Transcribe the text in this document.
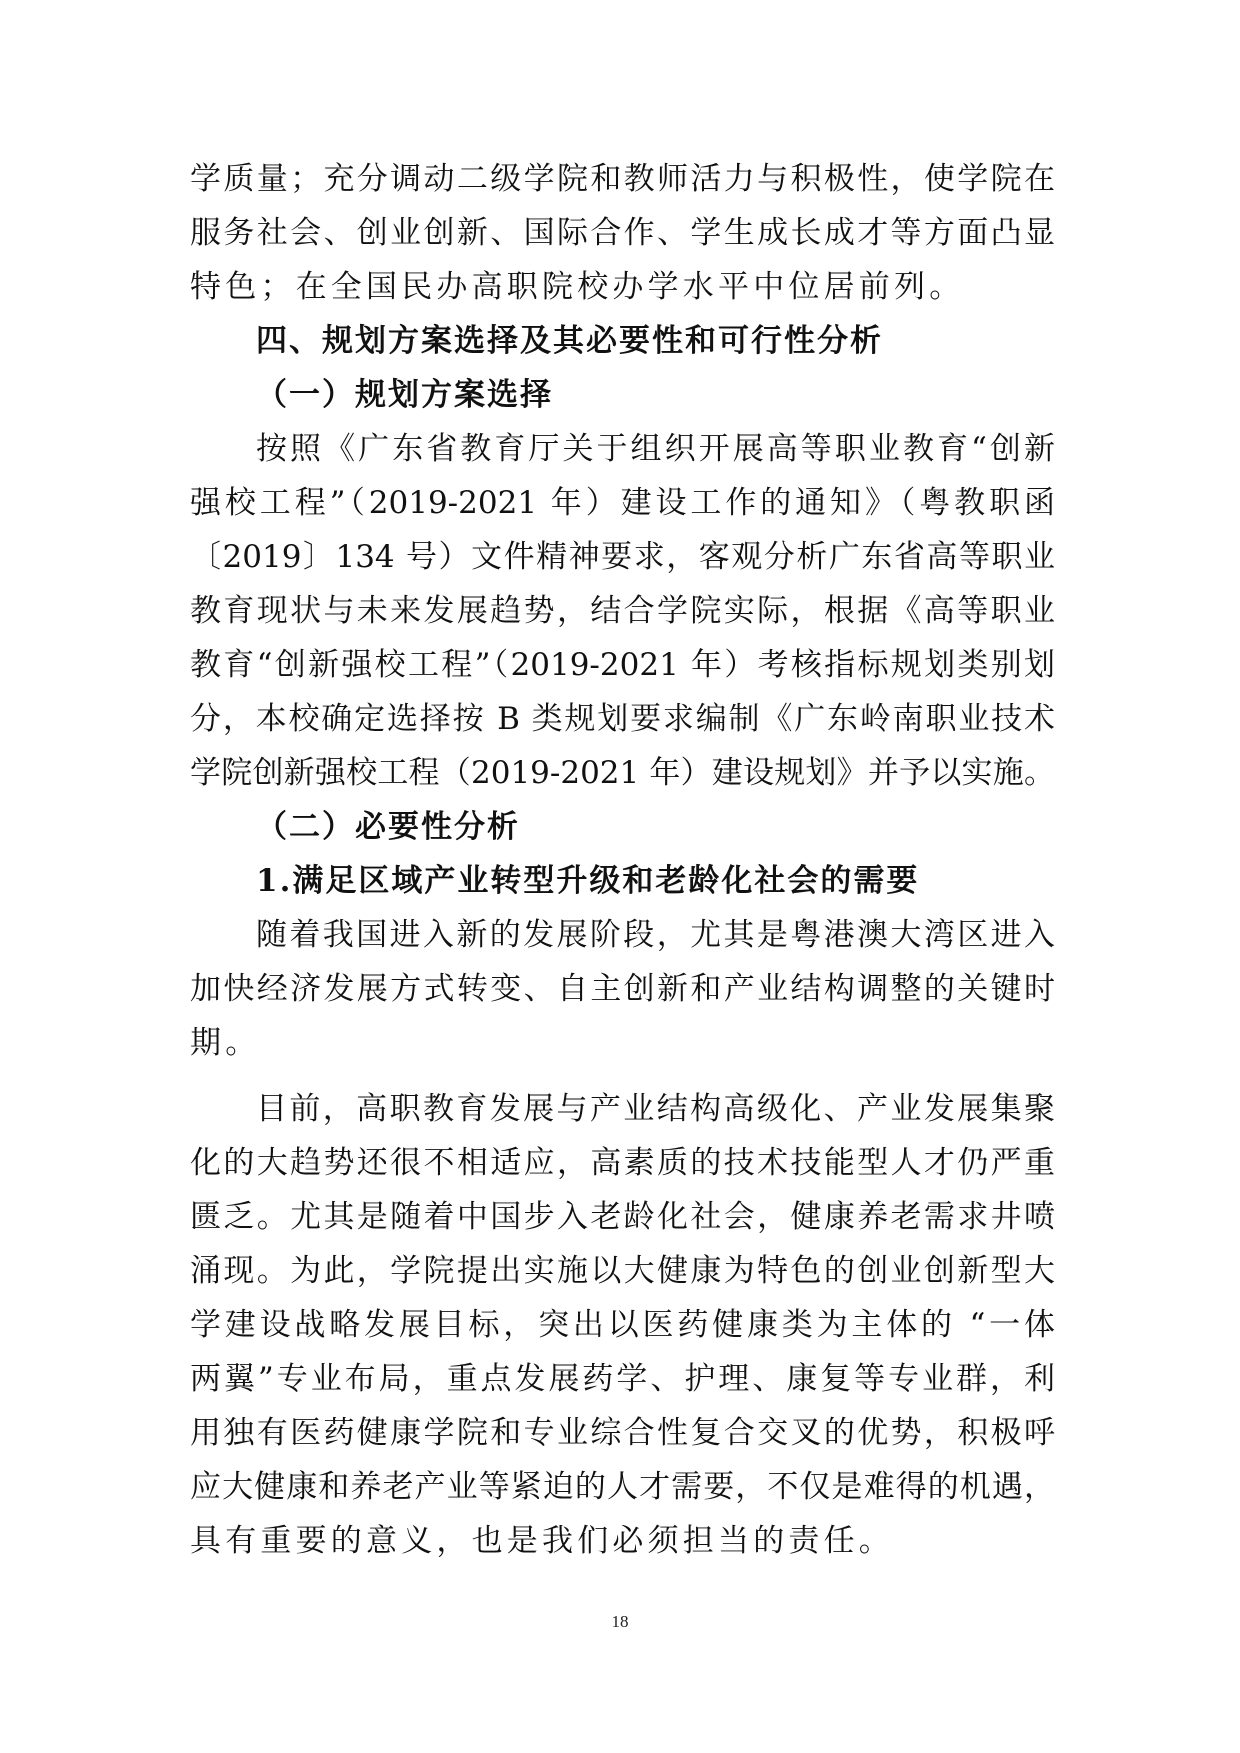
学质量；充分调动二级学院和教师活力与积极性，使学院在
服务社会、创业创新、国际合作、学生成长成才等方面凸显
特色；在全国民办高职院校办学水平中位居前列。
四、规划方案选择及其必要性和可行性分析
（一）规划方案选择
按照《广东省教育厅关于组织开展高等职业教育“创新
强校工程”（2019-2021 年）建设工作的通知》（粤教职函
〔2019〕134 号）文件精神要求，客观分析广东省高等职业
教育现状与未来发展趋势，结合学院实际，根据《高等职业
教育“创新强校工程”（2019-2021 年）考核指标规划类别划
分，本校确定选择按 B 类规划要求编制《广东岭南职业技术
学院创新强校工程（2019-2021 年）建设规划》并予以实施。
（二）必要性分析
1.满足区域产业转型升级和老龄化社会的需要
随着我国进入新的发展阶段，尤其是粤港澳大湾区进入
加快经济发展方式转变、自主创新和产业结构调整的关键时
期。
目前，高职教育发展与产业结构高级化、产业发展集聚
化的大趋势还很不相适应，高素质的技术技能型人才仍严重
匮乏。尤其是随着中国步入老龄化社会，健康养老需求井喷
涌现。为此，学院提出实施以大健康为特色的创业创新型大
学建设战略发展目标，突出以医药健康类为主体的 “一体
两翼”专业布局，重点发展药学、护理、康复等专业群，利
用独有医药健康学院和专业综合性复合交叉的优势，积极呼
应大健康和养老产业等紧迫的人才需要，不仅是难得的机遇，
具有重要的意义，也是我们必须担当的责任。
18
